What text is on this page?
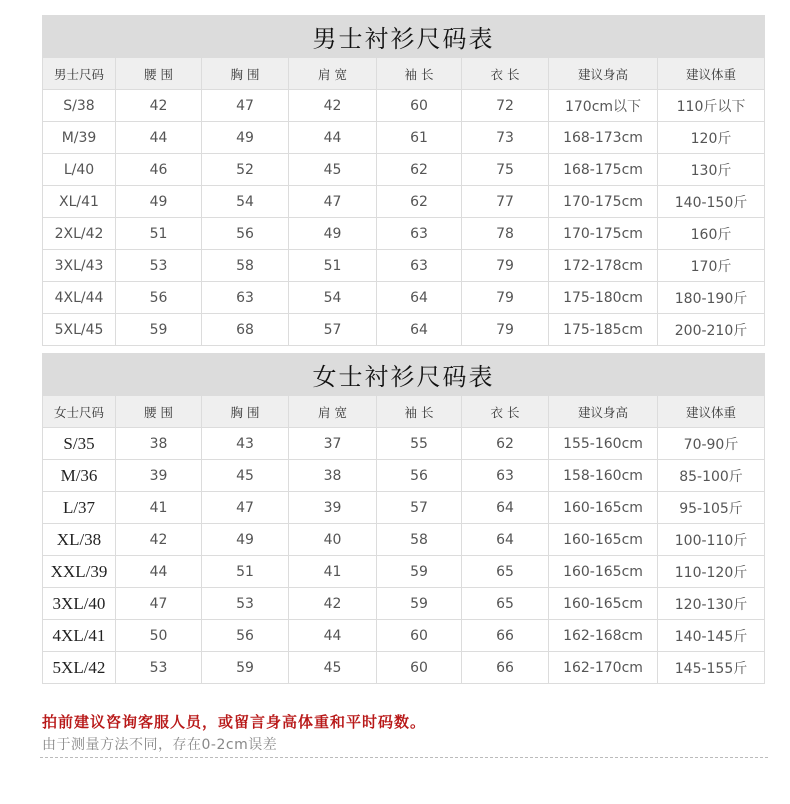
男士衬衫尺码表							
男士尺码	腰 围	胸 围	肩 宽	袖 长	衣 长	建议身高	建议体重
S/38	42	47	42	60	72	170cm以下	110斤以下
M/39	44	49	44	61	73	168-173cm	120斤
L/40	46	52	45	62	75	168-175cm	130斤
XL/41	49	54	47	62	77	170-175cm	140-150斤
2XL/42	51	56	49	63	78	170-175cm	160斤
3XL/43	53	58	51	63	79	172-178cm	170斤
4XL/44	56	63	54	64	79	175-180cm	180-190斤
5XL/45	59	68	57	64	79	175-185cm	200-210斤
女士衬衫尺码表							
女士尺码	腰 围	胸 围	肩 宽	袖 长	衣 长	建议身高	建议体重
S/35	38	43	37	55	62	155-160cm	70-90斤
M/36	39	45	38	56	63	158-160cm	85-100斤
L/37	41	47	39	57	64	160-165cm	95-105斤
XL/38	42	49	40	58	64	160-165cm	100-110斤
XXL/39	44	51	41	59	65	160-165cm	110-120斤
3XL/40	47	53	42	59	65	160-165cm	120-130斤
4XL/41	50	56	44	60	66	162-168cm	140-145斤
5XL/42	53	59	45	60	66	162-170cm	145-155斤

拍前建议咨询客服人员，或留言身高体重和平时码数。

由于测量方法不同，存在0-2cm误差
